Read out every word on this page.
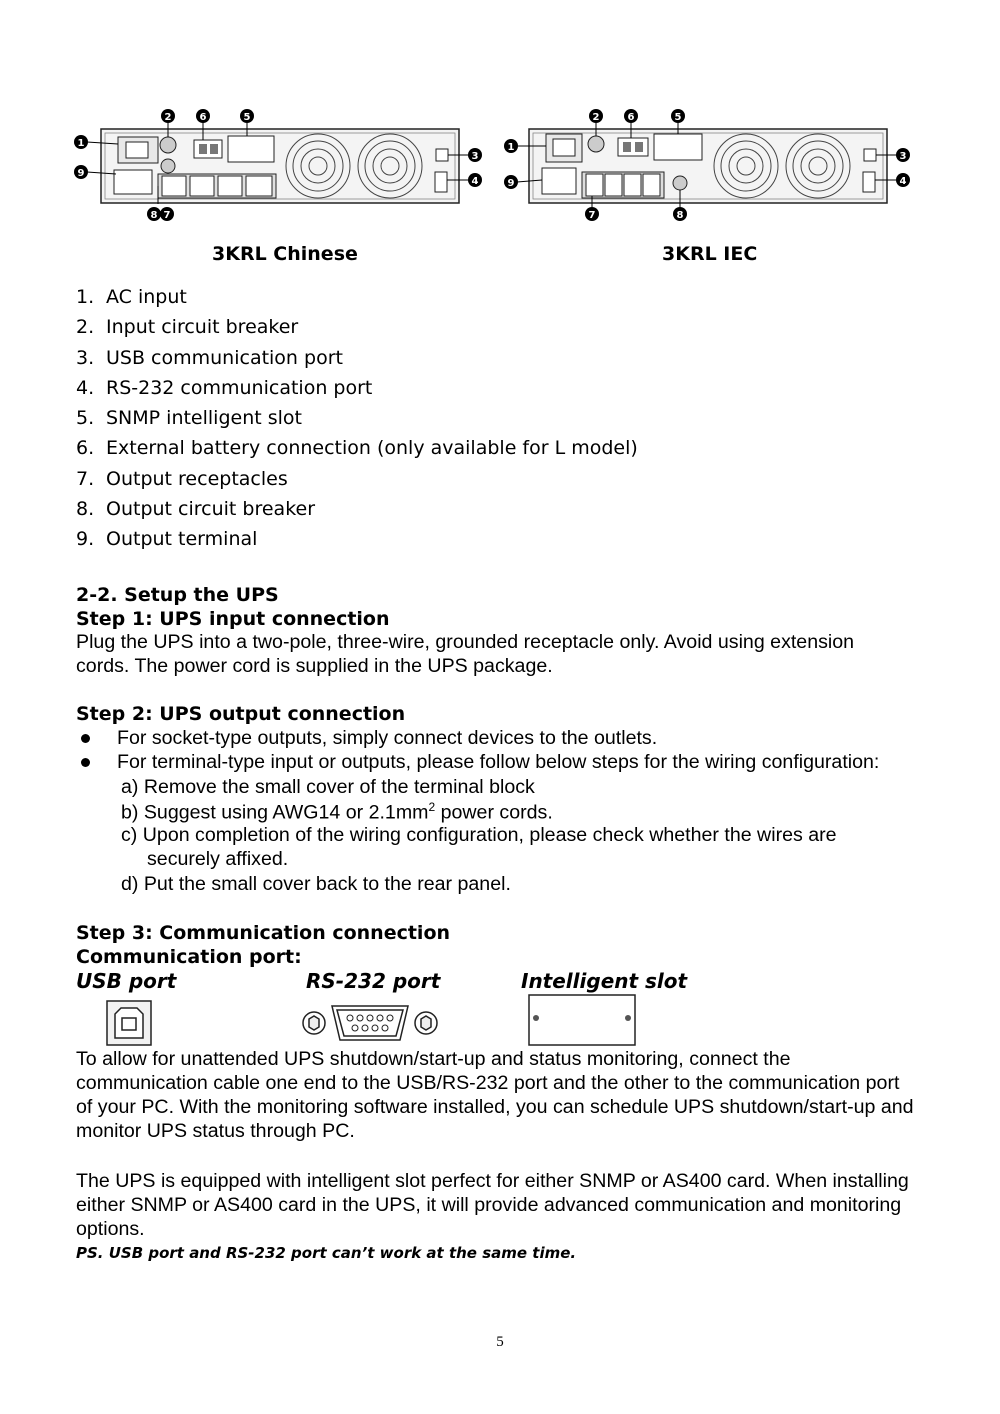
1
2	6	5
3
4
9
8 7
1
2	6	5
3
4
9
7	8
3KRL Chinese	3KRL IEC
1. AC input
2. Input circuit breaker
3. USB communication port
4. RS-232 communication port
5. SNMP intelligent slot
6. External battery connection (only available for L model)
7. Output receptacles
8. Output circuit breaker
9. Output terminal
2-2. Setup the UPS
Step 1: UPS input connection
Plug the UPS into a two-pole, three-wire, grounded receptacle only. Avoid using extension
cords. The power cord is supplied in the UPS package.
Step 2: UPS output connection
For socket-type outputs, simply connect devices to the outlets.
For terminal-type input or outputs, please follow below steps for the wiring configuration:
a) Remove the small cover of the terminal block
b) Suggest using AWG14 or $2.1mm^2$ power cords.
c) Upon completion of the wiring configuration, please check whether the wires are
securely affixed.
d) Put the small cover back to the rear panel.
Step 3: Communication connection
Communication port:
USB port	RS-232 port	Intelligent slot
To allow for unattended UPS shutdown/start-up and status monitoring, connect the
communication cable one end to the USB/RS-232 port and the other to the communication port
of your PC. With the monitoring software installed, you can schedule UPS shutdown/start-up and
monitor UPS status through PC.
The UPS is equipped with intelligent slot perfect for either SNMP or AS400 card. When installing
either SNMP or AS400 card in the UPS, it will provide advanced communication and monitoring
options.
PS. USB port and RS-232 port can’t work at the same time.
5
